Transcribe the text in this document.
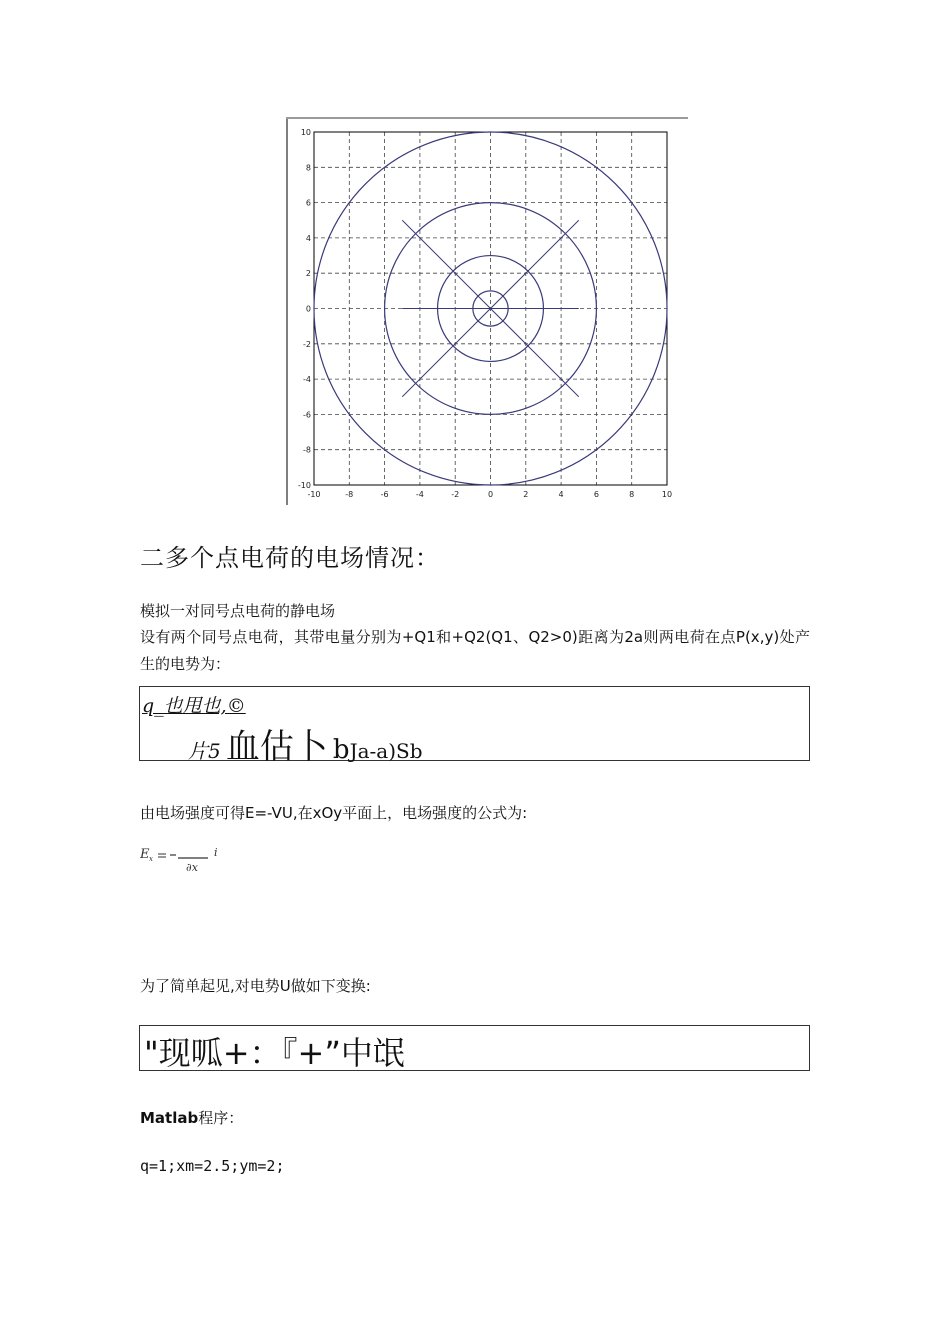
-10	-8	-6	-4	-2	0	2	4	6	8	10
10
8
6
4
2
0
-2
-4
-6
-8
-10
二多个点电荷的电场情况：
模拟一对同号点电荷的静电场
设有两个同号点电荷，其带电量分别为+Q1和+Q2(Q1、Q2>0)距离为2a则两电荷在点P(x,y)处产生的电势为：
q_也甩也,©
片5 血估卜 bJa-a)Sb
由电场强度可得E=-VU,在xOy平面上，电场强度的公式为:
E x
∂x
i
为了简单起见,对电势U做如下变换:
"现呱+：『+”中氓
Matlab程序：
q=1;xm=2.5;ym=2;
